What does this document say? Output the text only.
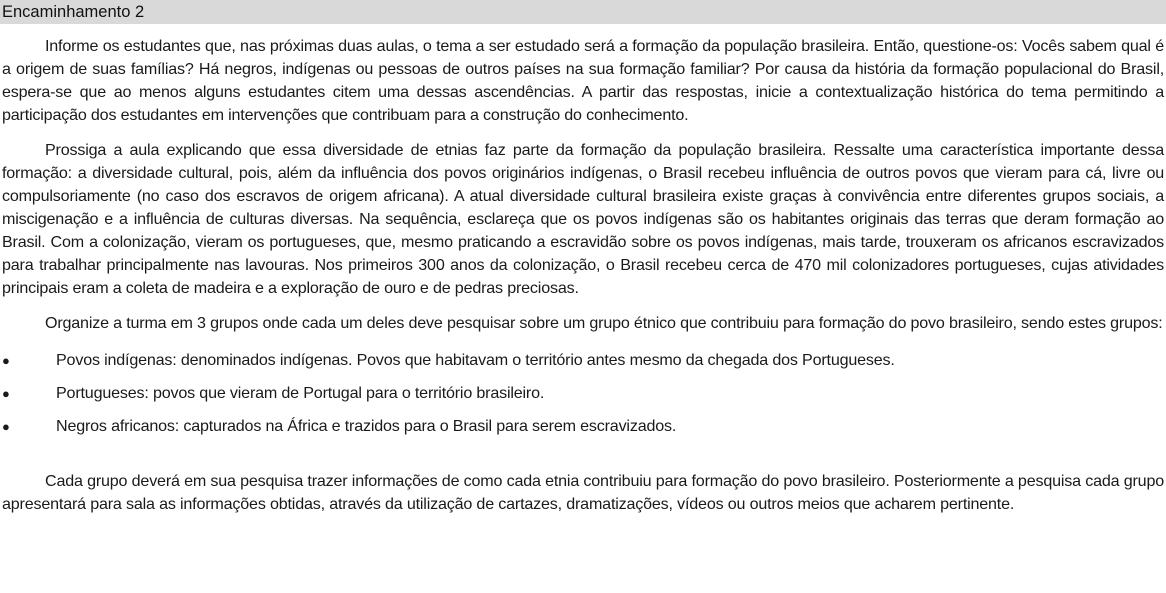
Encaminhamento 2

Informe os estudantes que, nas próximas duas aulas, o tema a ser estudado será a formação da população brasileira. Então, questione-os: Vocês sabem qual é a origem de suas famílias? Há negros, indígenas ou pessoas de outros países na sua formação familiar? Por causa da história da formação populacional do Brasil, espera-se que ao menos alguns estudantes citem uma dessas ascendências. A partir das respostas, inicie a contextualização histórica do tema permitindo a participação dos estudantes em intervenções que contribuam para a construção do conhecimento.

Prossiga a aula explicando que essa diversidade de etnias faz parte da formação da população brasileira. Ressalte uma característica importante dessa formação: a diversidade cultural, pois, além da influência dos povos originários indígenas, o Brasil recebeu influência de outros povos que vieram para cá, livre ou compulsoriamente (no caso dos escravos de origem africana). A atual diversidade cultural brasileira existe graças à convivência entre diferentes grupos sociais, a miscigenação e a influência de culturas diversas. Na sequência, esclareça que os povos indígenas são os habitantes originais das terras que deram formação ao Brasil. Com a colonização, vieram os portugueses, que, mesmo praticando a escravidão sobre os povos indígenas, mais tarde, trouxeram os africanos escravizados para trabalhar principalmente nas lavouras. Nos primeiros 300 anos da colonização, o Brasil recebeu cerca de 470 mil colonizadores portugueses, cujas atividades principais eram a coleta de madeira e a exploração de ouro e de pedras preciosas.

Organize a turma em 3 grupos onde cada um deles deve pesquisar sobre um grupo étnico que contribuiu para formação do povo brasileiro, sendo estes grupos:

●	Povos indígenas: denominados indígenas. Povos que habitavam o território antes mesmo da chegada dos Portugueses.
●	Portugueses: povos que vieram de Portugal para o território brasileiro.
●	Negros africanos: capturados na África e trazidos para o Brasil para serem escravizados.

Cada grupo deverá em sua pesquisa trazer informações de como cada etnia contribuiu para formação do povo brasileiro. Posteriormente a pesquisa cada grupo apresentará para sala as informações obtidas, através da utilização de cartazes, dramatizações, vídeos ou outros meios que acharem pertinente.
